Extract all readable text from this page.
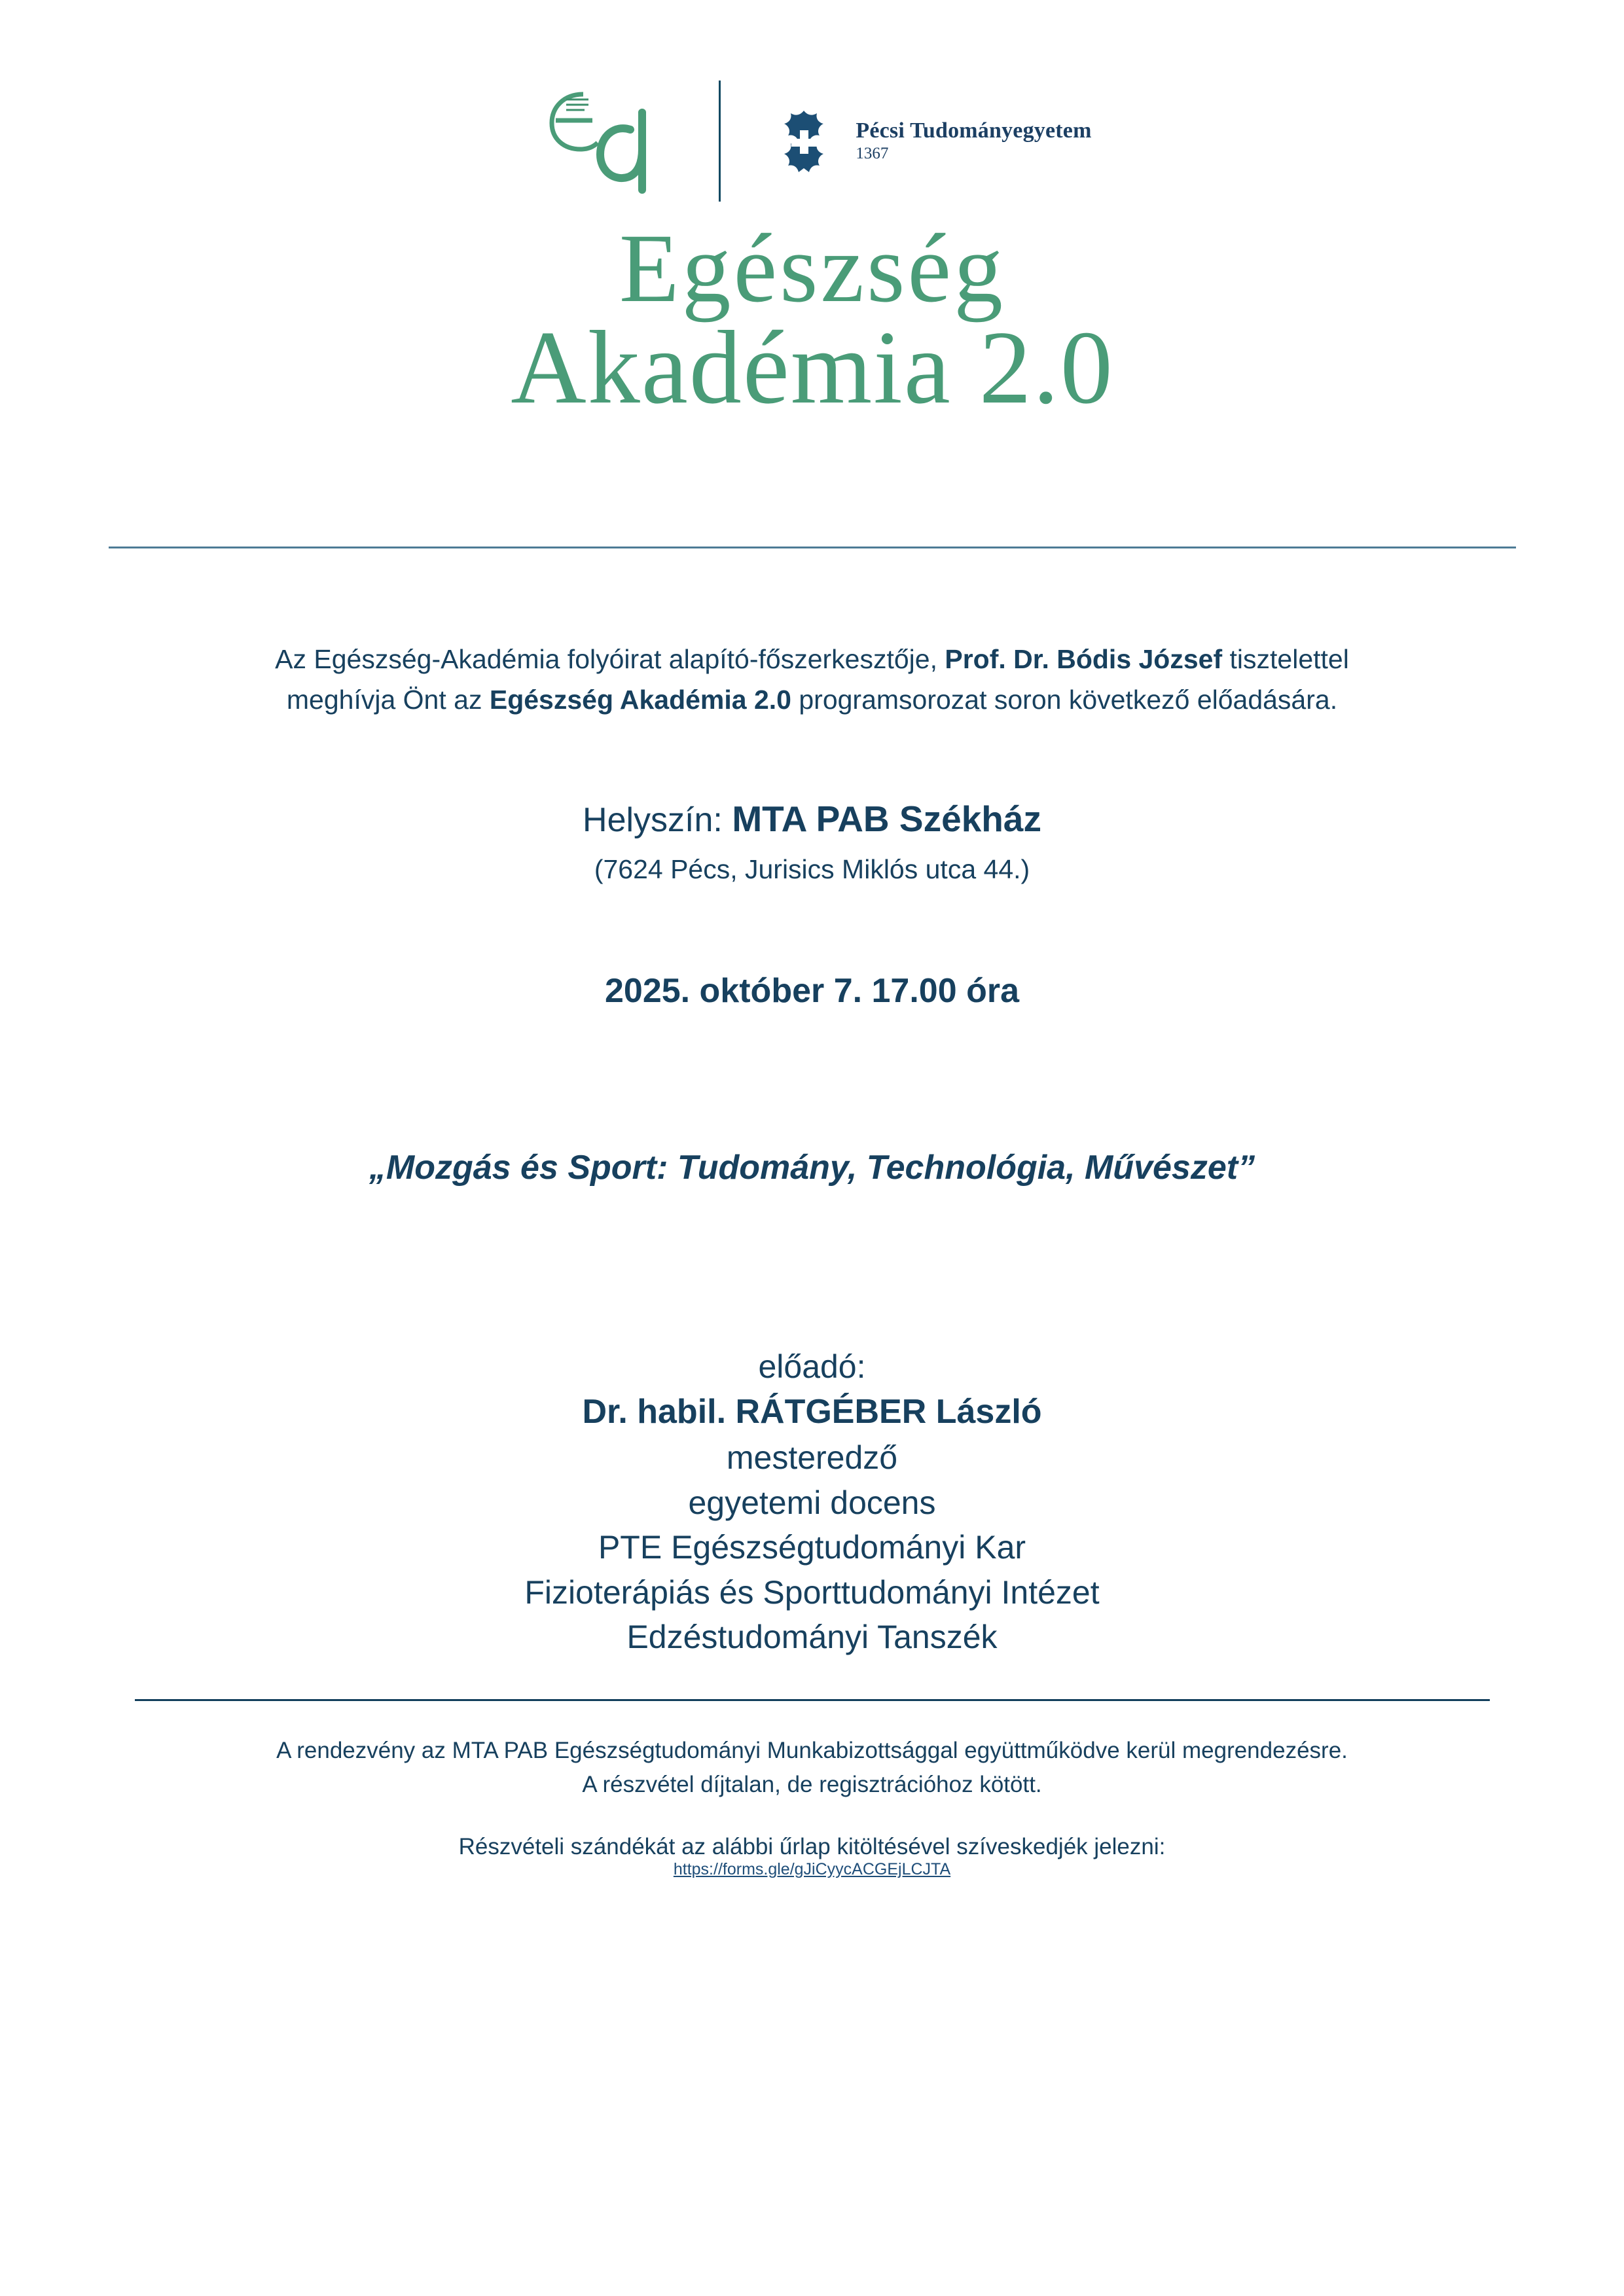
Pécsi Tudományegyetem
1367
Egészség
Akadémia 2.0

Az Egészség-Akadémia folyóirat alapító-főszerkesztője, Prof. Dr. Bódis József tisztelettel meghívja Önt az Egészség Akadémia 2.0 programsorozat soron következő előadására.

Helyszín: MTA PAB Székház
(7624 Pécs, Jurisics Miklós utca 44.)
2025. október 7. 17.00 óra
„Mozgás és Sport: Tudomány, Technológia, Művészet”
előadó:
Dr. habil. RÁTGÉBER László
mesteredző
egyetemi docens
PTE Egészségtudományi Kar
Fizioterápiás és Sporttudományi Intézet
Edzéstudományi Tanszék
A rendezvény az MTA PAB Egészségtudományi Munkabizottsággal együttműködve kerül megrendezésre.
A részvétel díjtalan, de regisztrációhoz kötött.
Részvételi szándékát az alábbi űrlap kitöltésével szíveskedjék jelezni:
https://forms.gle/gJiCyycACGEjLCJTA
